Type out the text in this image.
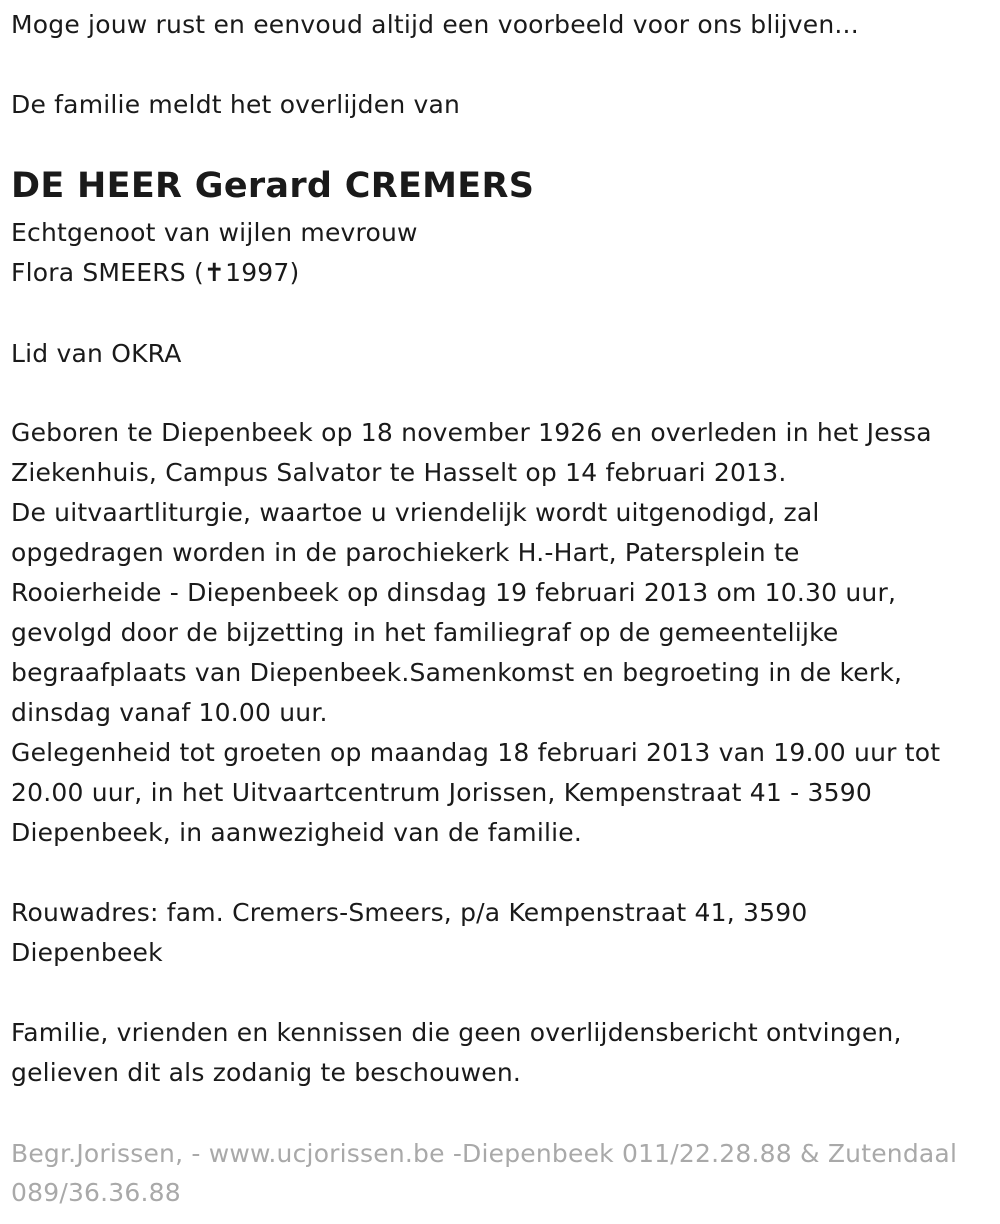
Moge jouw rust en eenvoud altijd een voorbeeld voor ons blijven...
De familie meldt het overlijden van
DE HEER Gerard CREMERS
Echtgenoot van wijlen mevrouw
Flora SMEERS (✝1997)
Lid van OKRA
Geboren te Diepenbeek op 18 november 1926 en overleden in het Jessa
Ziekenhuis, Campus Salvator te Hasselt op 14 februari 2013.
De uitvaartliturgie, waartoe u vriendelijk wordt uitgenodigd, zal
opgedragen worden in de parochiekerk H.-Hart, Patersplein te
Rooierheide - Diepenbeek op dinsdag 19 februari 2013 om 10.30 uur,
gevolgd door de bijzetting in het familiegraf op de gemeentelijke
begraafplaats van Diepenbeek.Samenkomst en begroeting in de kerk,
dinsdag vanaf 10.00 uur.
Gelegenheid tot groeten op maandag 18 februari 2013 van 19.00 uur tot
20.00 uur, in het Uitvaartcentrum Jorissen, Kempenstraat 41 - 3590
Diepenbeek, in aanwezigheid van de familie.
Rouwadres: fam. Cremers-Smeers, p/a Kempenstraat 41, 3590
Diepenbeek
Familie, vrienden en kennissen die geen overlijdensbericht ontvingen,
gelieven dit als zodanig te beschouwen.
Begr.Jorissen, - www.ucjorissen.be -Diepenbeek 011/22.28.88 & Zutendaal
089/36.36.88
